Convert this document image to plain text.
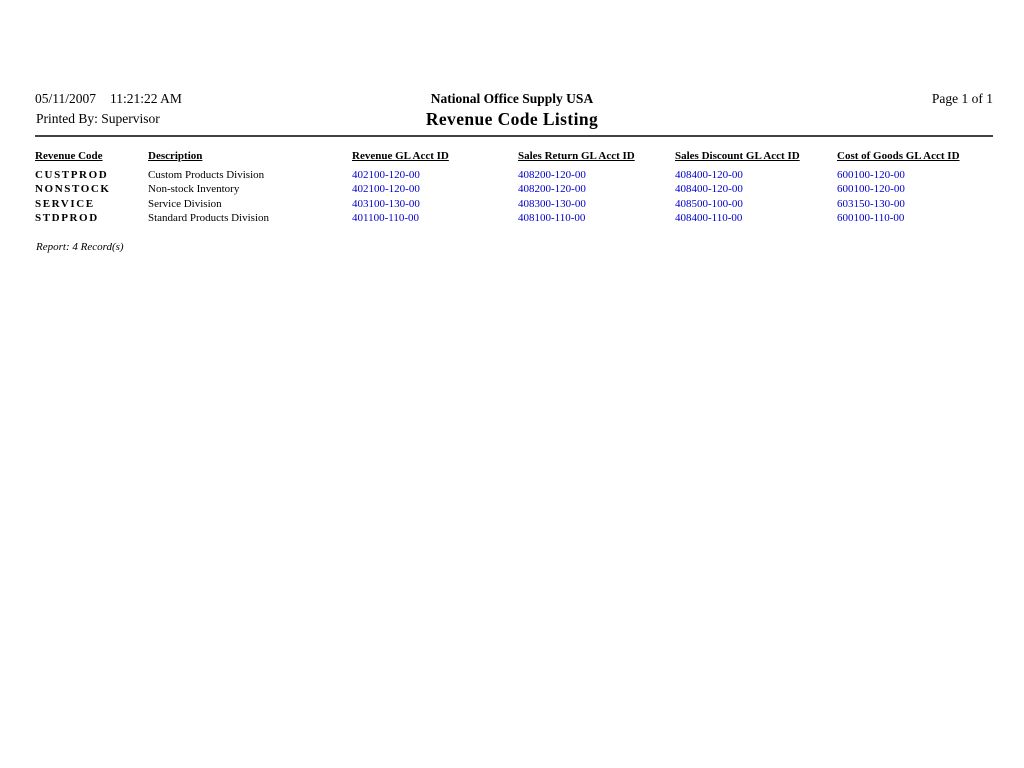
05/11/2007 11:21:22 AM
Printed By: Supervisor
National Office Supply USA
Revenue Code Listing
Page 1 of 1
Revenue Code	Description	Revenue GL Acct ID	Sales Return GL Acct ID	Sales Discount GL Acct ID	Cost of Goods GL Acct ID
CUSTPROD	Custom Products Division	402100-120-00	408200-120-00	408400-120-00	600100-120-00
NONSTOCK	Non-stock Inventory	402100-120-00	408200-120-00	408400-120-00	600100-120-00
SERVICE	Service Division	403100-130-00	408300-130-00	408500-100-00	603150-130-00
STDPROD	Standard Products Division	401100-110-00	408100-110-00	408400-110-00	600100-110-00
Report: 4 Record(s)
